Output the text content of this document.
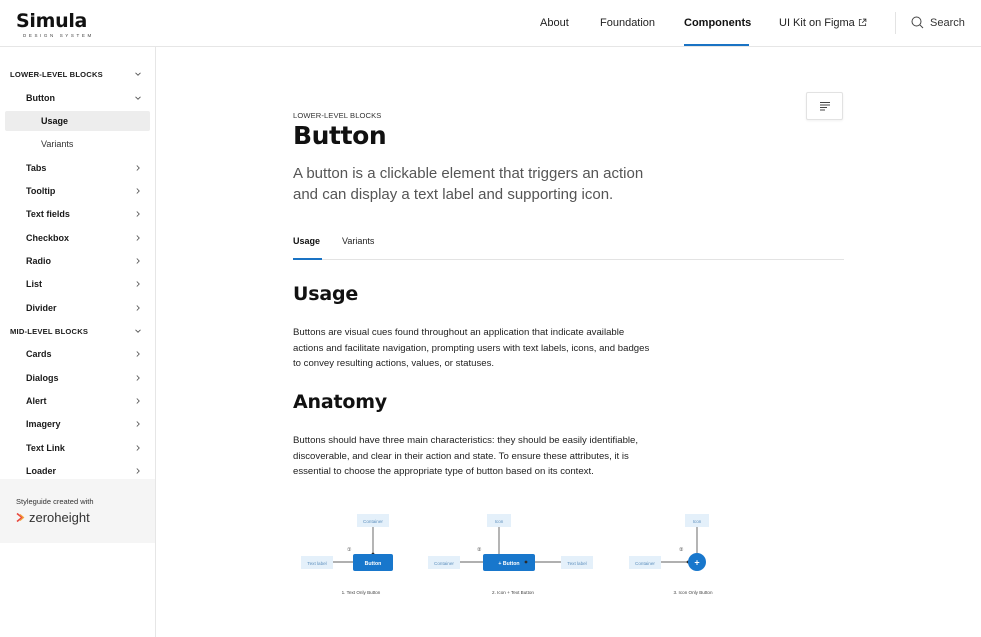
Simula
DESIGN SYSTEM
About	Foundation	Components	UI Kit on Figma	Search
LOWER-LEVEL BLOCKS
Button
Usage
Variants
Tabs
Tooltip
Text fields
Checkbox
Radio
List
Divider
MID-LEVEL BLOCKS
Cards
Dialogs
Alert
Imagery
Text Link
Loader
Styleguide created with
zeroheight
LOWER-LEVEL BLOCKS
Button
A button is a clickable element that triggers an action and can display a text label and supporting icon.
Usage Variants
Usage
Buttons are visual cues found throughout an application that indicate available actions and facilitate navigation, prompting users with text labels, icons, and badges to convey resulting actions, values, or statuses.
Anatomy
Buttons should have three main characteristics: they should be easily identifiable, discoverable, and clear in their action and state. To ensure these attributes, it is essential to choose the appropriate type of button based on its context.
Container
①
Text label	Button
1. Text Only Button
Icon
②
Container	+ Button	Text label
2. Icon + Text Button
Icon
②
Container	+
3. Icon Only Button
